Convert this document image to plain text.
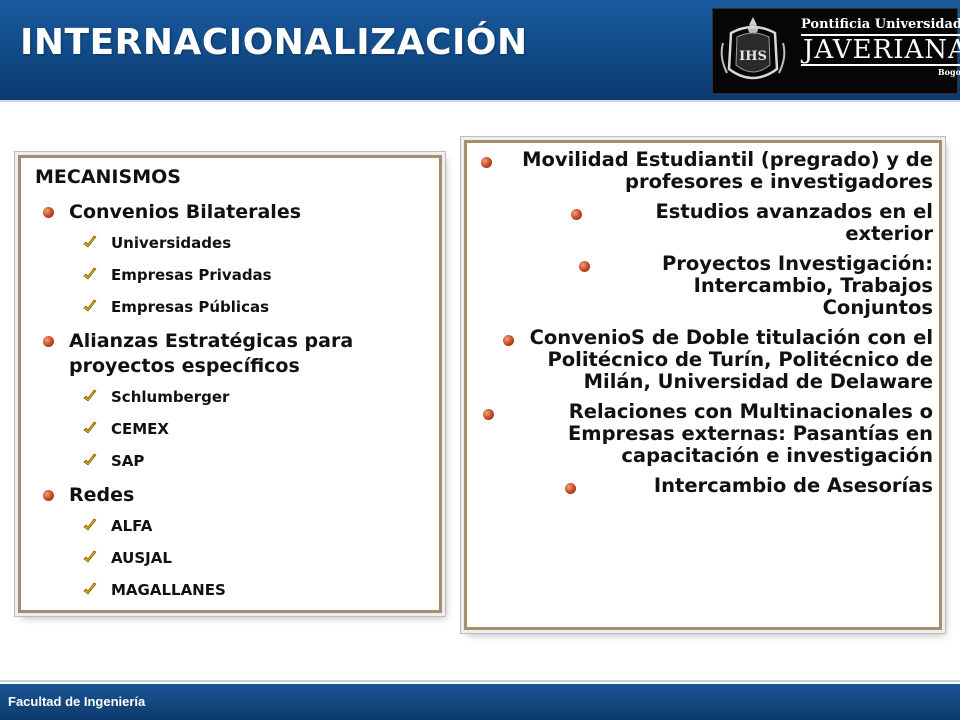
INTERNACIONALIZACIÓN	IHS
Pontificia Universidad
JAVERIANA
Bogotá
MECANISMOS
Convenios Bilaterales
Universidades
Empresas Privadas
Empresas Públicas
Alianzas Estratégicas para proyectos específicos
Schlumberger
CEMEX
SAP
Redes
ALFA
AUSJAL
MAGALLANES
Movilidad Estudiantil (pregrado) y de profesores e investigadores
Estudios avanzados en el exterior
Proyectos Investigación: Intercambio, Trabajos Conjuntos
ConvenioS de Doble titulación con el Politécnico de Turín, Politécnico de Milán, Universidad de Delaware
Relaciones con Multinacionales o Empresas externas: Pasantías en capacitación e investigación
Intercambio de Asesorías
Facultad de Ingeniería
